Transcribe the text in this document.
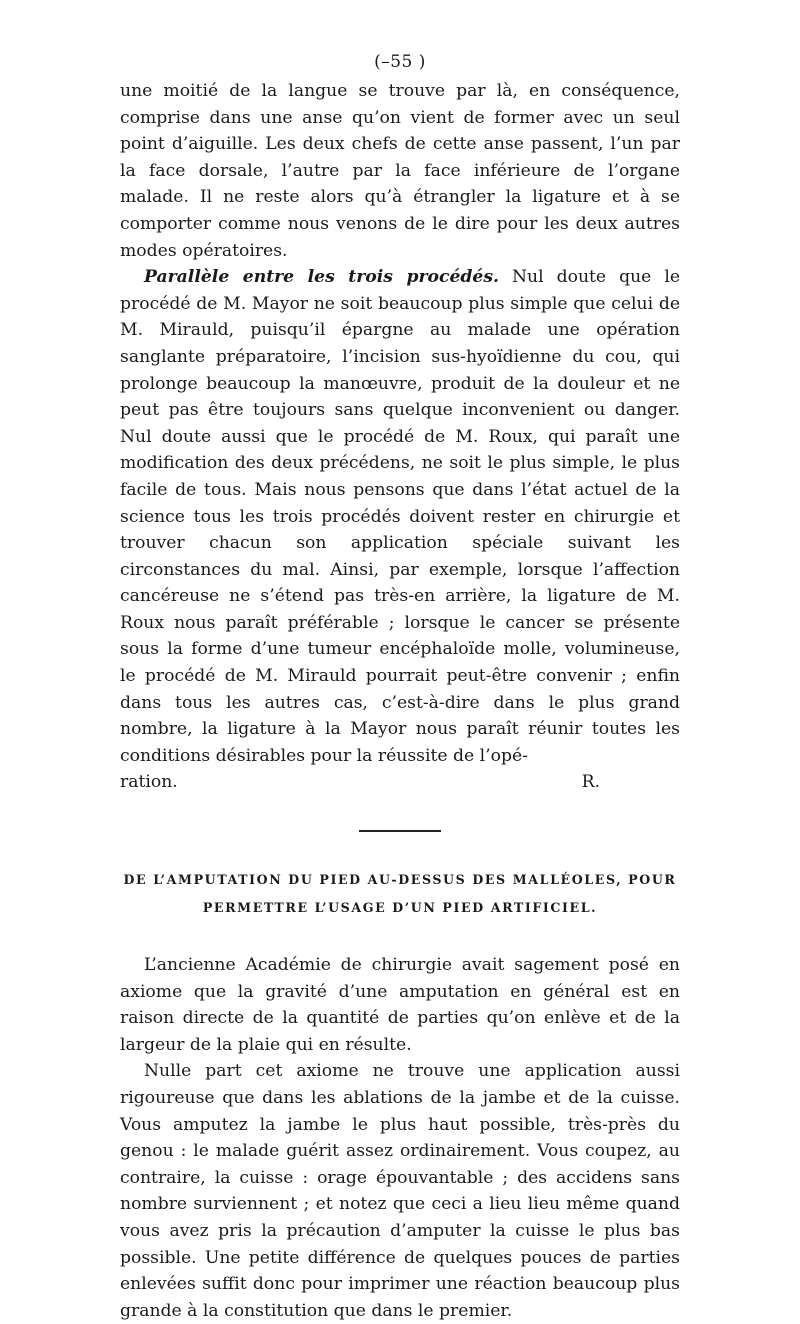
(–55 )

une moitié de la langue se trouve par là, en conséquence, comprise dans une anse qu’on vient de former avec un seul point d’aiguille. Les deux chefs de cette anse passent, l’un par la face dorsale, l’autre par la face inférieure de l’organe malade. Il ne reste alors qu’à étrangler la ligature et à se comporter comme nous venons de le dire pour les deux autres modes opératoires.

Parallèle entre les trois procédés. Nul doute que le procédé de M. Mayor ne soit beaucoup plus simple que celui de M. Mirauld, puisqu’il épargne au malade une opération sanglante préparatoire, l’incision sus-hyoïdienne du cou, qui prolonge beaucoup la manœuvre, produit de la douleur et ne peut pas être toujours sans quelque inconvenient ou danger. Nul doute aussi que le procédé de M. Roux, qui paraît une modification des deux précédens, ne soit le plus simple, le plus facile de tous. Mais nous pensons que dans l’état actuel de la science tous les trois procédés doivent rester en chirurgie et trouver chacun son application spéciale suivant les circonstances du mal. Ainsi, par exemple, lorsque l’affection cancéreuse ne s’étend pas très-en arrière, la ligature de M. Roux nous paraît préférable ; lorsque le cancer se présente sous la forme d’une tumeur encéphaloïde molle, volumineuse, le procédé de M. Mirauld pourrait peut-être convenir ; enfin dans tous les autres cas, c’est-à-dire dans le plus grand nombre, la ligature à la Mayor nous paraît réunir toutes les conditions désirables pour la réussite de l’opé-

ration.	R.

DE L’AMPUTATION DU PIED AU-DESSUS DES MALLÉOLES, POUR
PERMETTRE L’USAGE D’UN PIED ARTIFICIEL.

L’ancienne Académie de chirurgie avait sagement posé en axiome que la gravité d’une amputation en général est en raison directe de la quantité de parties qu’on enlève et de la largeur de la plaie qui en résulte.

Nulle part cet axiome ne trouve une application aussi rigoureuse que dans les ablations de la jambe et de la cuisse. Vous amputez la jambe le plus haut possible, très-près du genou : le malade guérit assez ordinairement. Vous coupez, au contraire, la cuisse : orage épouvantable ; des accidens sans nombre surviennent ; et notez que ceci a lieu lieu même quand vous avez pris la précaution d’amputer la cuisse le plus bas possible. Une petite différence de quelques pouces de parties enlevées suffit donc pour imprimer une réaction beaucoup plus grande à la constitution que dans le premier.
